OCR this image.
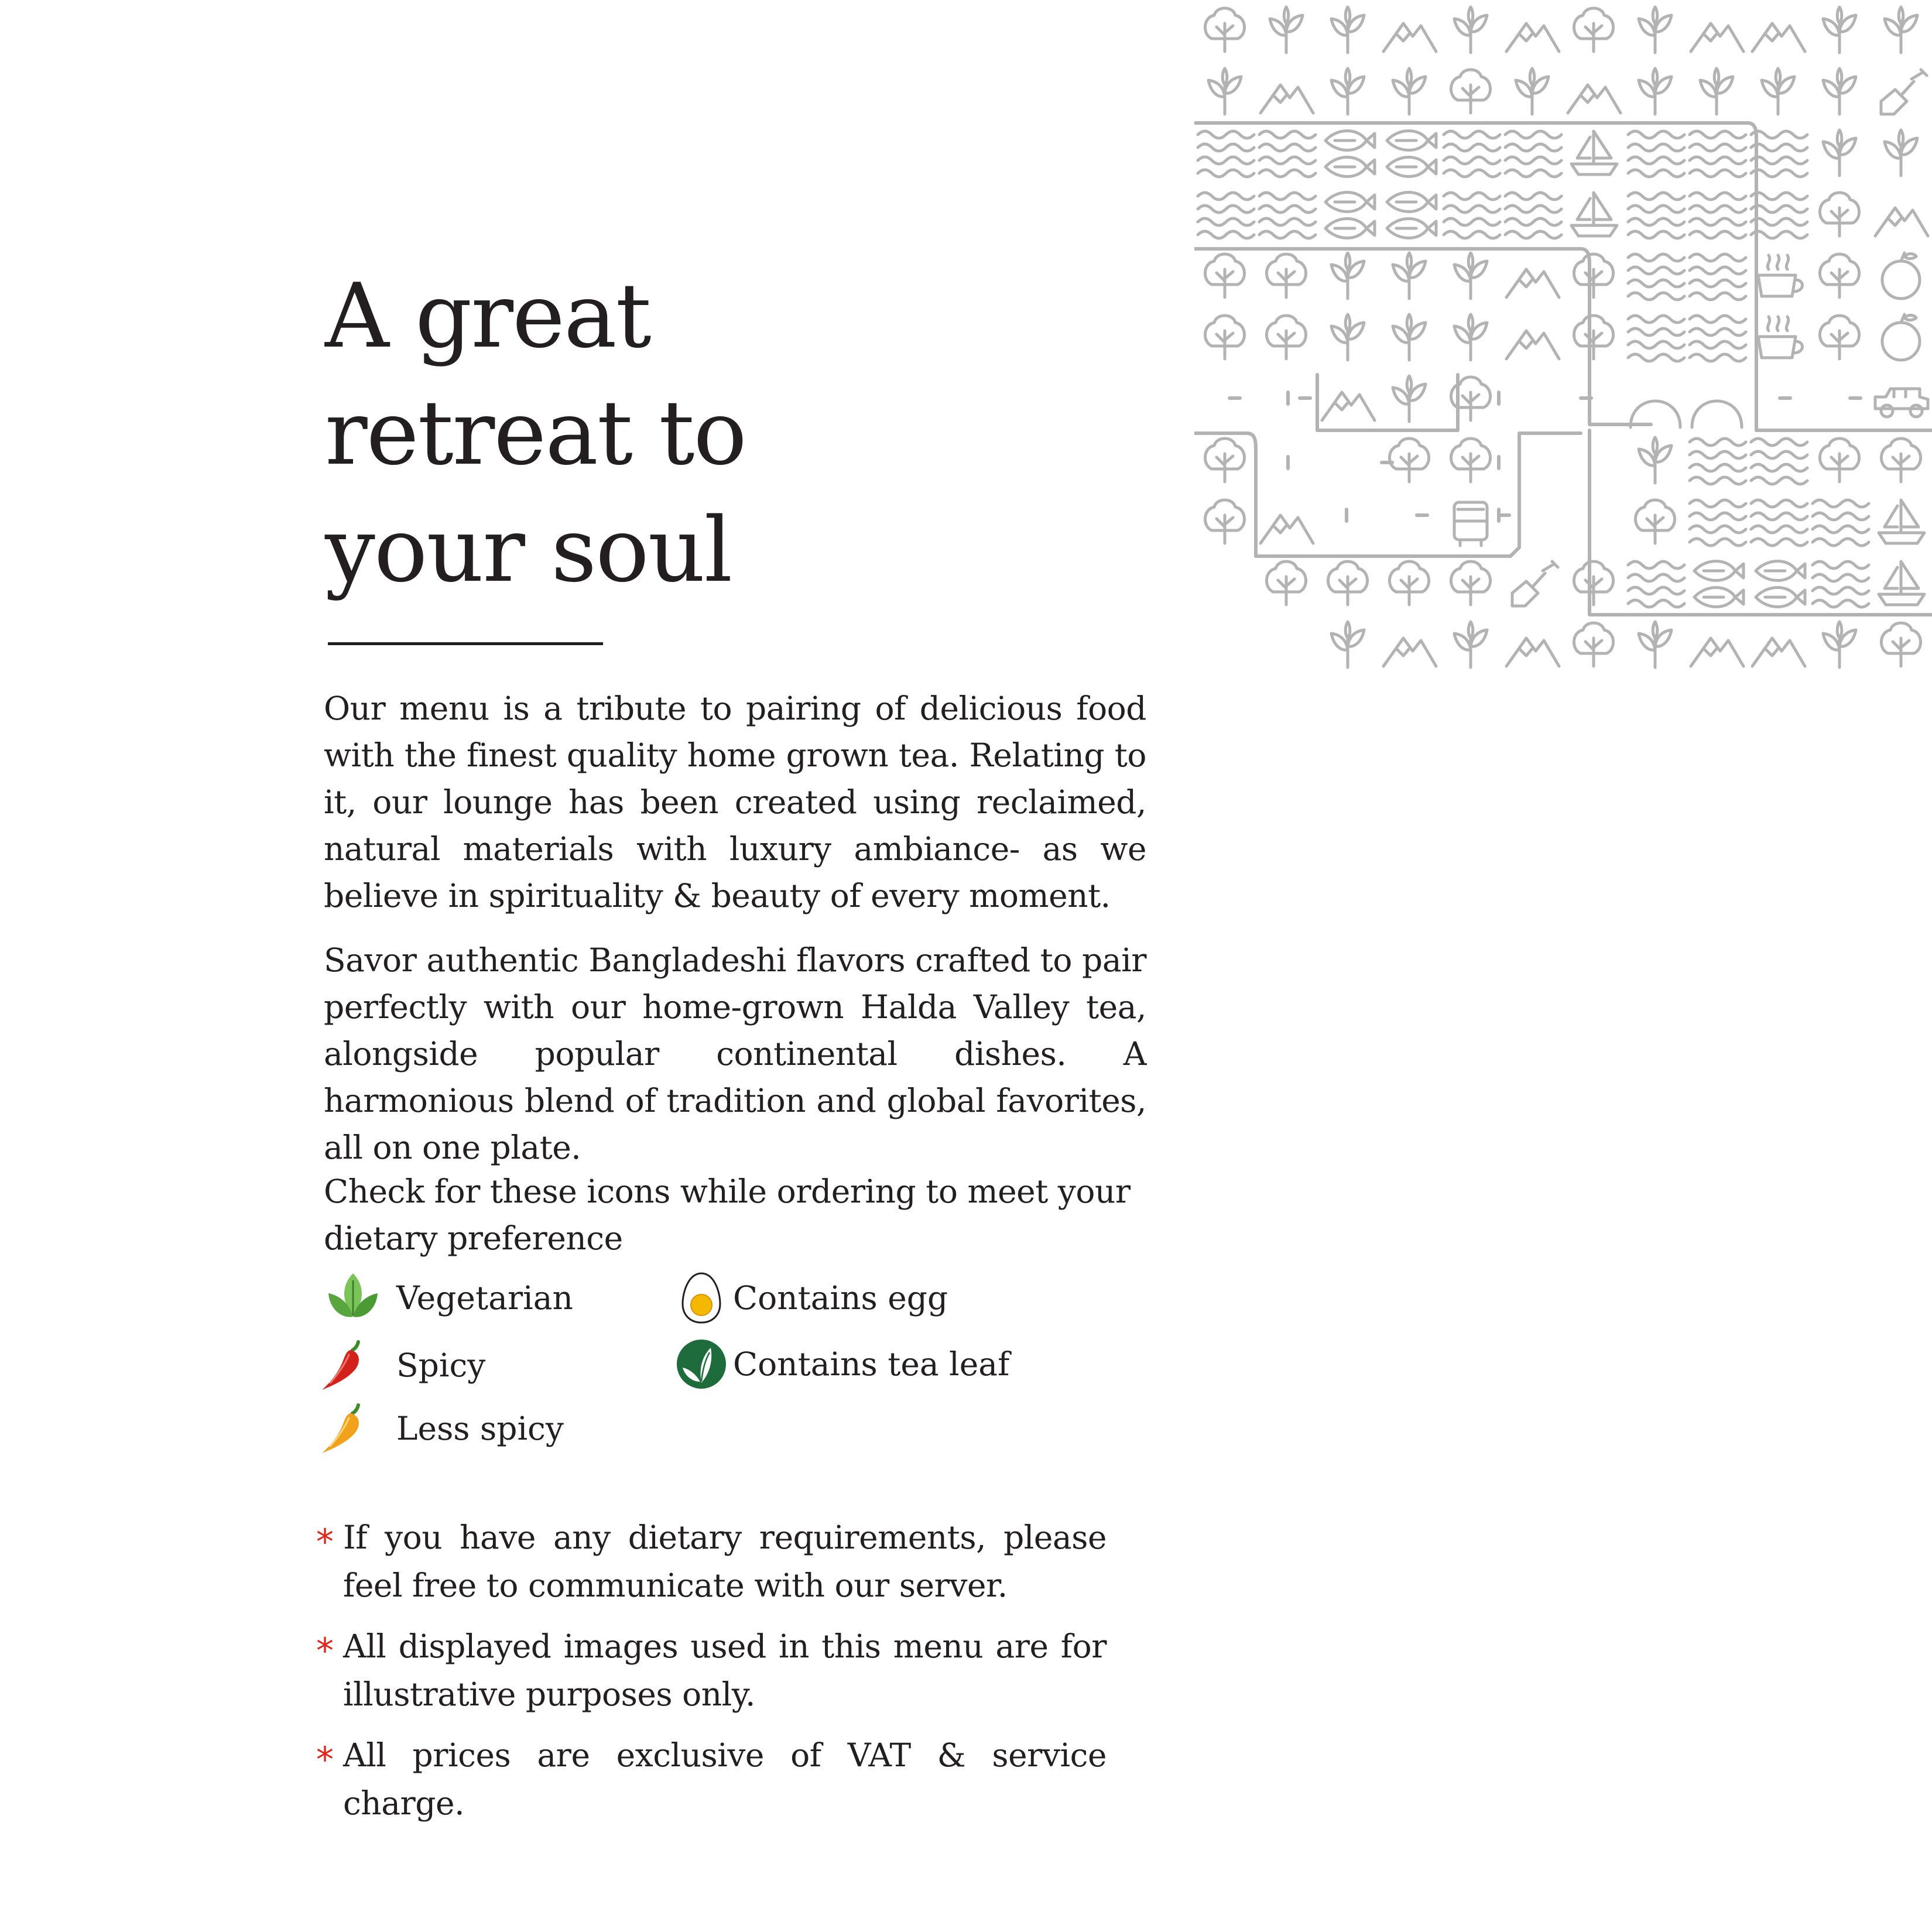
A great
retreat to
your soul

Our menu is a tribute to pairing of delicious food with the finest quality home grown tea. Relating to it, our lounge has been created using reclaimed, natural materials with luxury ambiance- as we believe in spirituality & beauty of every moment.

Savor authentic Bangladeshi flavors crafted to pair perfectly with our home-grown Halda Valley tea, alongside popular continental dishes. A harmonious blend of tradition and global favorites, all on one plate.

Check for these icons while ordering to meet your dietary preference

Vegetarian
Spicy
Less spicy
Contains egg
Contains tea leaf
* If you have any dietary requirements, please feel free to communicate with our server.
* All displayed images used in this menu are for illustrative purposes only.
* All prices are exclusive of VAT & service charge.
